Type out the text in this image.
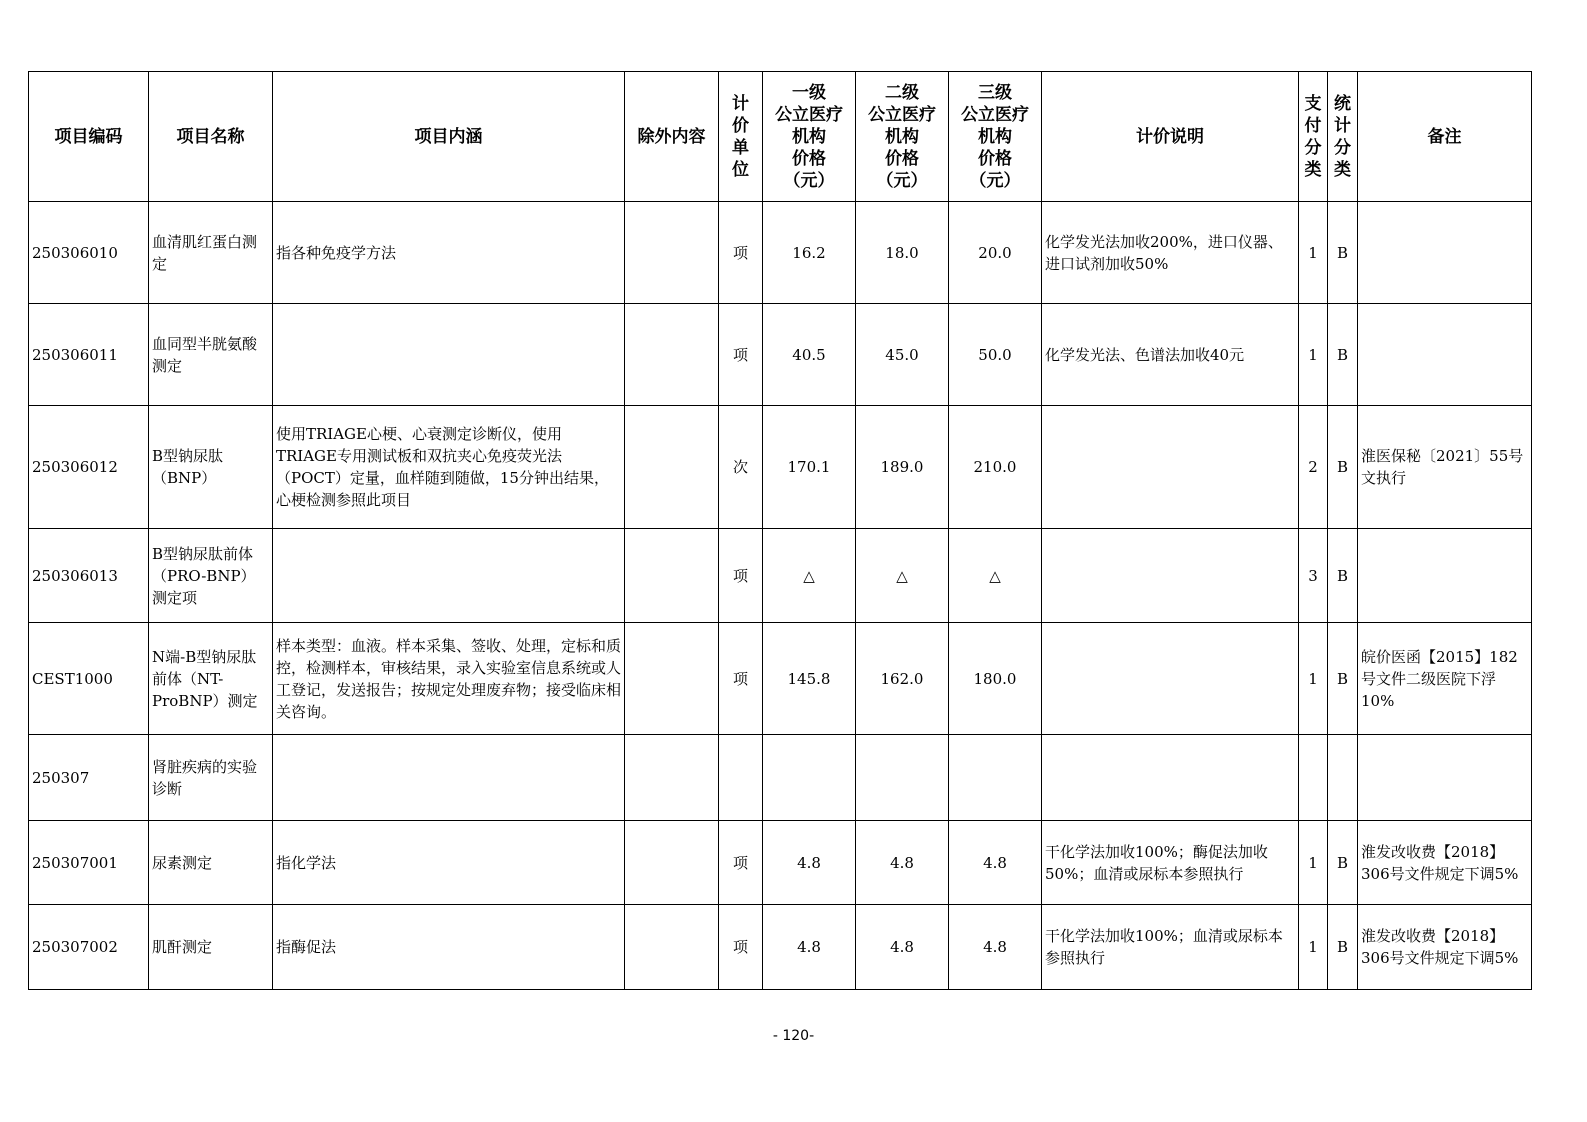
项目编码	项目名称	项目内涵	除外内容	计价单位	一级
公立医疗
机构
价格
（元）	二级
公立医疗
机构
价格
（元）	三级
公立医疗
机构
价格
（元）	计价说明	支付分类	统计分类	备注
250306010	血清肌红蛋白测定	指各种免疫学方法		项	16.2	18.0	20.0	化学发光法加收200%，进口仪器、进口试剂加收50%	1	B	
250306011	血同型半胱氨酸测定			项	40.5	45.0	50.0	化学发光法、色谱法加收40元	1	B	
250306012	B型钠尿肽（BNP）	使用TRIAGE心梗、心衰测定诊断仪，使用TRIAGE专用测试板和双抗夹心免疫荧光法（POCT）定量，血样随到随做，15分钟出结果，心梗检测参照此项目		次	170.1	189.0	210.0		2	B	淮医保秘〔2021〕55号文执行
250306013	B型钠尿肽前体（PRO-BNP）测定项			项	△	△	△		3	B	
CEST1000	N端-B型钠尿肽前体（NT-ProBNP）测定	样本类型：血液。样本采集、签收、处理，定标和质控，检测样本，审核结果，录入实验室信息系统或人工登记，发送报告；按规定处理废弃物；接受临床相关咨询。		项	145.8	162.0	180.0		1	B	皖价医函【2015】182号文件二级医院下浮10%
250307	肾脏疾病的实验诊断										
250307001	尿素测定	指化学法		项	4.8	4.8	4.8	干化学法加收100%；酶促法加收50%；血清或尿标本参照执行	1	B	淮发改收费【2018】306号文件规定下调5%
250307002	肌酐测定	指酶促法		项	4.8	4.8	4.8	干化学法加收100%；血清或尿标本参照执行	1	B	淮发改收费【2018】306号文件规定下调5%
- 120-
